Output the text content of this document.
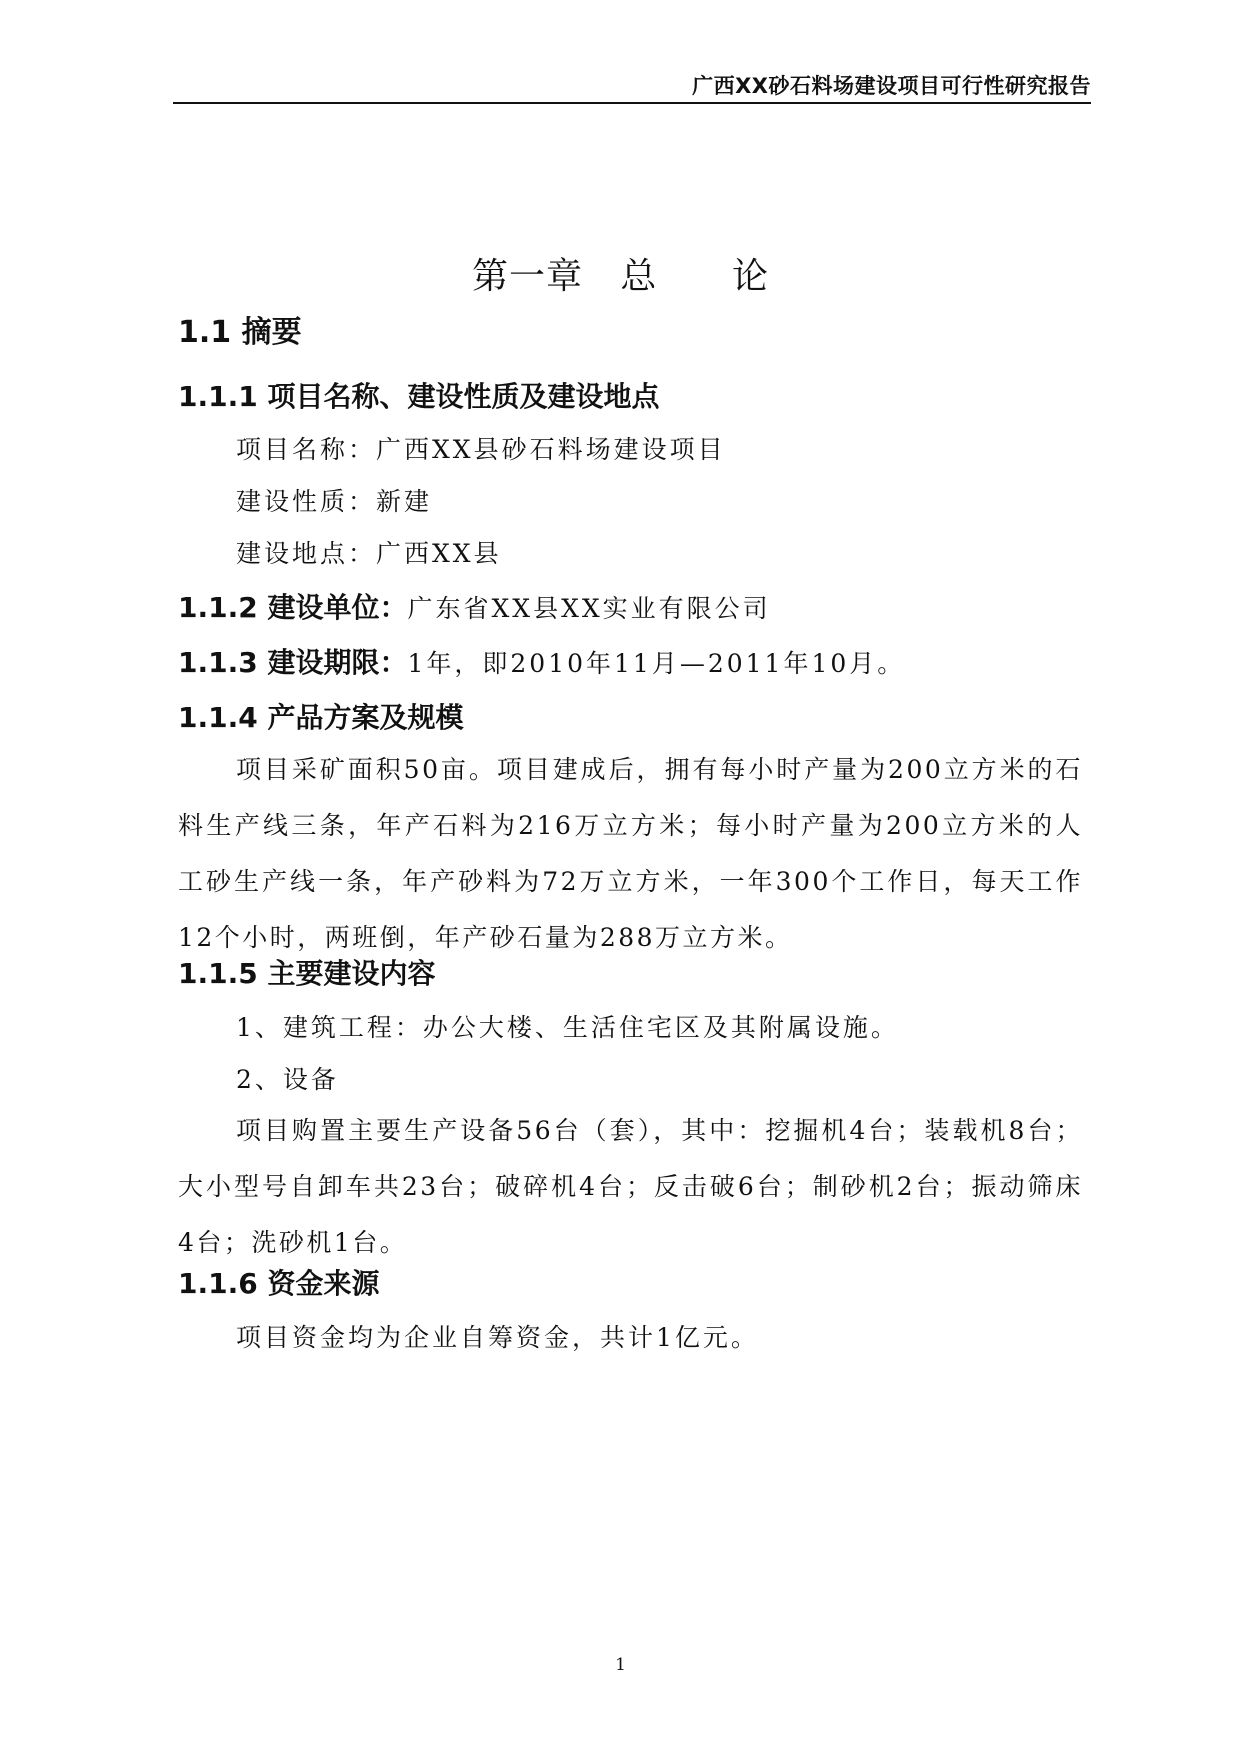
广西XX砂石料场建设项目可行性研究报告
第一章   总      论
1.1 摘要
1.1.1 项目名称、建设性质及建设地点
项目名称：广西XX县砂石料场建设项目
建设性质：新建
建设地点：广西XX县
1.1.2 建设单位：广东省XX县XX实业有限公司
1.1.3 建设期限：1年，即2010年11月—2011年10月。
1.1.4 产品方案及规模

项目采矿面积50亩。项目建成后，拥有每小时产量为200立方米的石料生产线三条，年产石料为216万立方米；每小时产量为200立方米的人工砂生产线一条，年产砂料为72万立方米，一年300个工作日，每天工作12个小时，两班倒，年产砂石量为288万立方米。

1.1.5 主要建设内容
1、建筑工程：办公大楼、生活住宅区及其附属设施。
2、设备

项目购置主要生产设备56台（套），其中：挖掘机4台；装载机8台；大小型号自卸车共23台；破碎机4台；反击破6台；制砂机2台；振动筛床4台；洗砂机1台。

1.1.6 资金来源
项目资金均为企业自筹资金，共计1亿元。
1
